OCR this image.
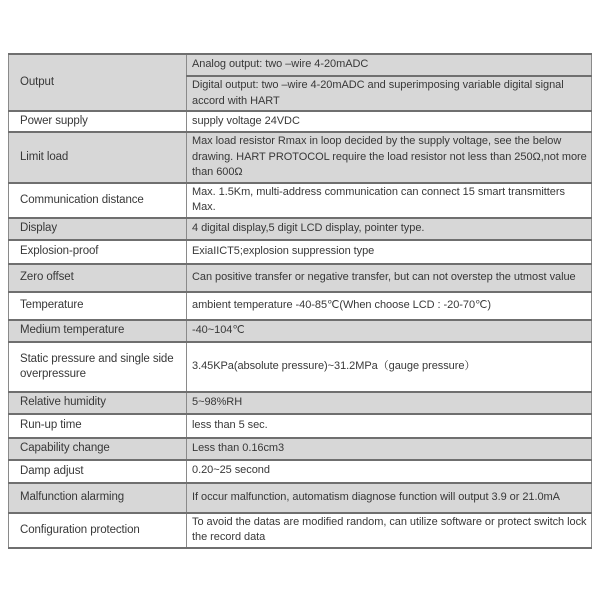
Output	Analog output: two –wire 4-20mADC
	Digital output: two –wire 4-20mADC and superimposing variable digital signal accord with HART
Power supply	supply voltage 24VDC
Limit load	Max load resistor Rmax in loop decided by the supply voltage, see the below drawing. HART PROTOCOL require the load resistor not less than 250Ω,not more than 600Ω
Communication distance	Max. 1.5Km, multi-address communication can connect 15 smart transmitters Max.
Display	4 digital display,5 digit LCD display, pointer type.
Explosion-proof	ExiaIICT5;explosion suppression type
Zero offset	Can positive transfer or negative transfer, but can not overstep the utmost value
Temperature	ambient temperature -40-85℃(When choose LCD : -20-70℃)
Medium temperature	-40~104℃
Static pressure and single side overpressure	3.45KPa(absolute pressure)~31.2MPa（gauge pressure）
Relative humidity	5~98%RH
Run-up time	less than 5 sec.
Capability change	Less than 0.16cm3
Damp adjust	0.20~25 second
Malfunction alarming	If occur malfunction, automatism diagnose function will output 3.9 or 21.0mA
Configuration protection	To avoid the datas are modified random, can utilize software or protect switch lock the record data
